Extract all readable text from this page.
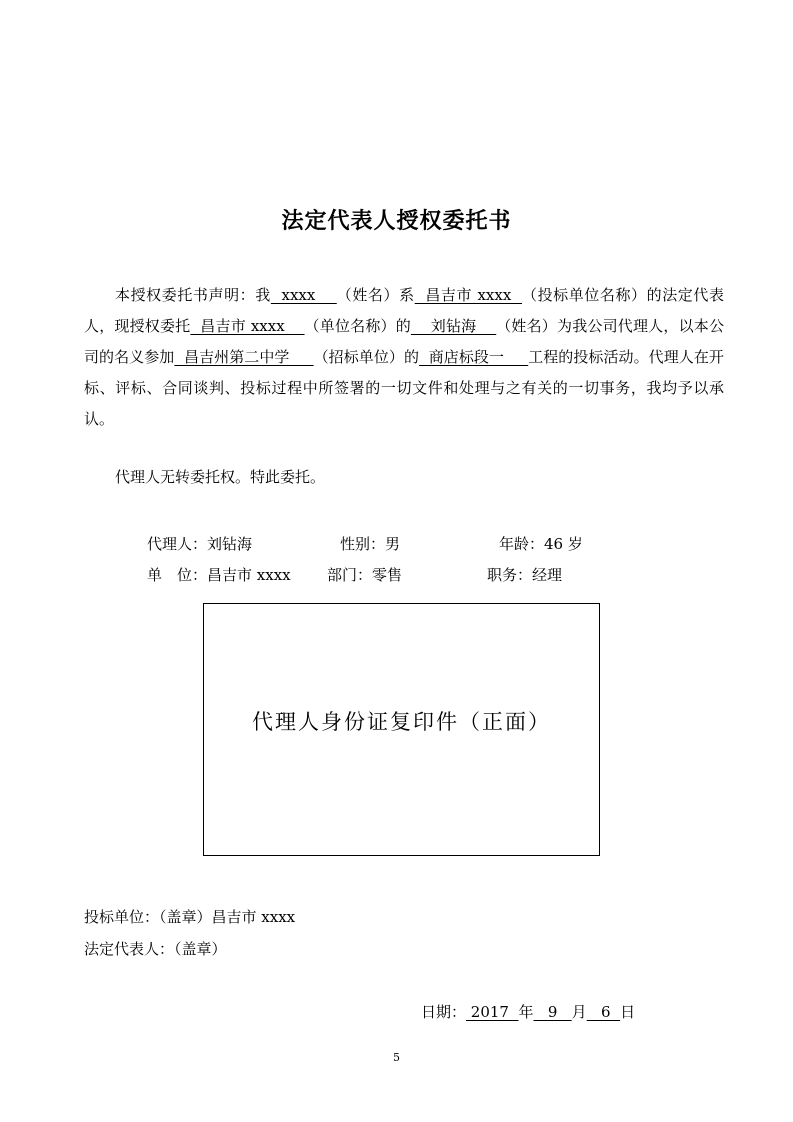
法定代表人授权委托书
本授权委托书声明：我  xxxx    （姓名）系  昌吉市 xxxx  （投标单位名称）的法定代表人，现授权委托  昌吉市 xxxx    （单位名称）的    刘钻海    （姓名）为我公司代理人，以本公司的名义参加  昌吉州第二中学     （招标单位）的  商店标段一     工程的投标活动。代理人在开标、评标、合同谈判、投标过程中所签署的一切文件和处理与之有关的一切事务，我均予以承认。
代理人无转委托权。特此委托。
代理人：刘钻海	性别：男	年龄：46 岁
单　位：昌吉市 xxxx 部门：零售	职务：经理
代理人身份证复印件（正面）
投标单位：（盖章）昌吉市 xxxx
法定代表人：（盖章）
日期： 2017  年   9   月   6  日
5
